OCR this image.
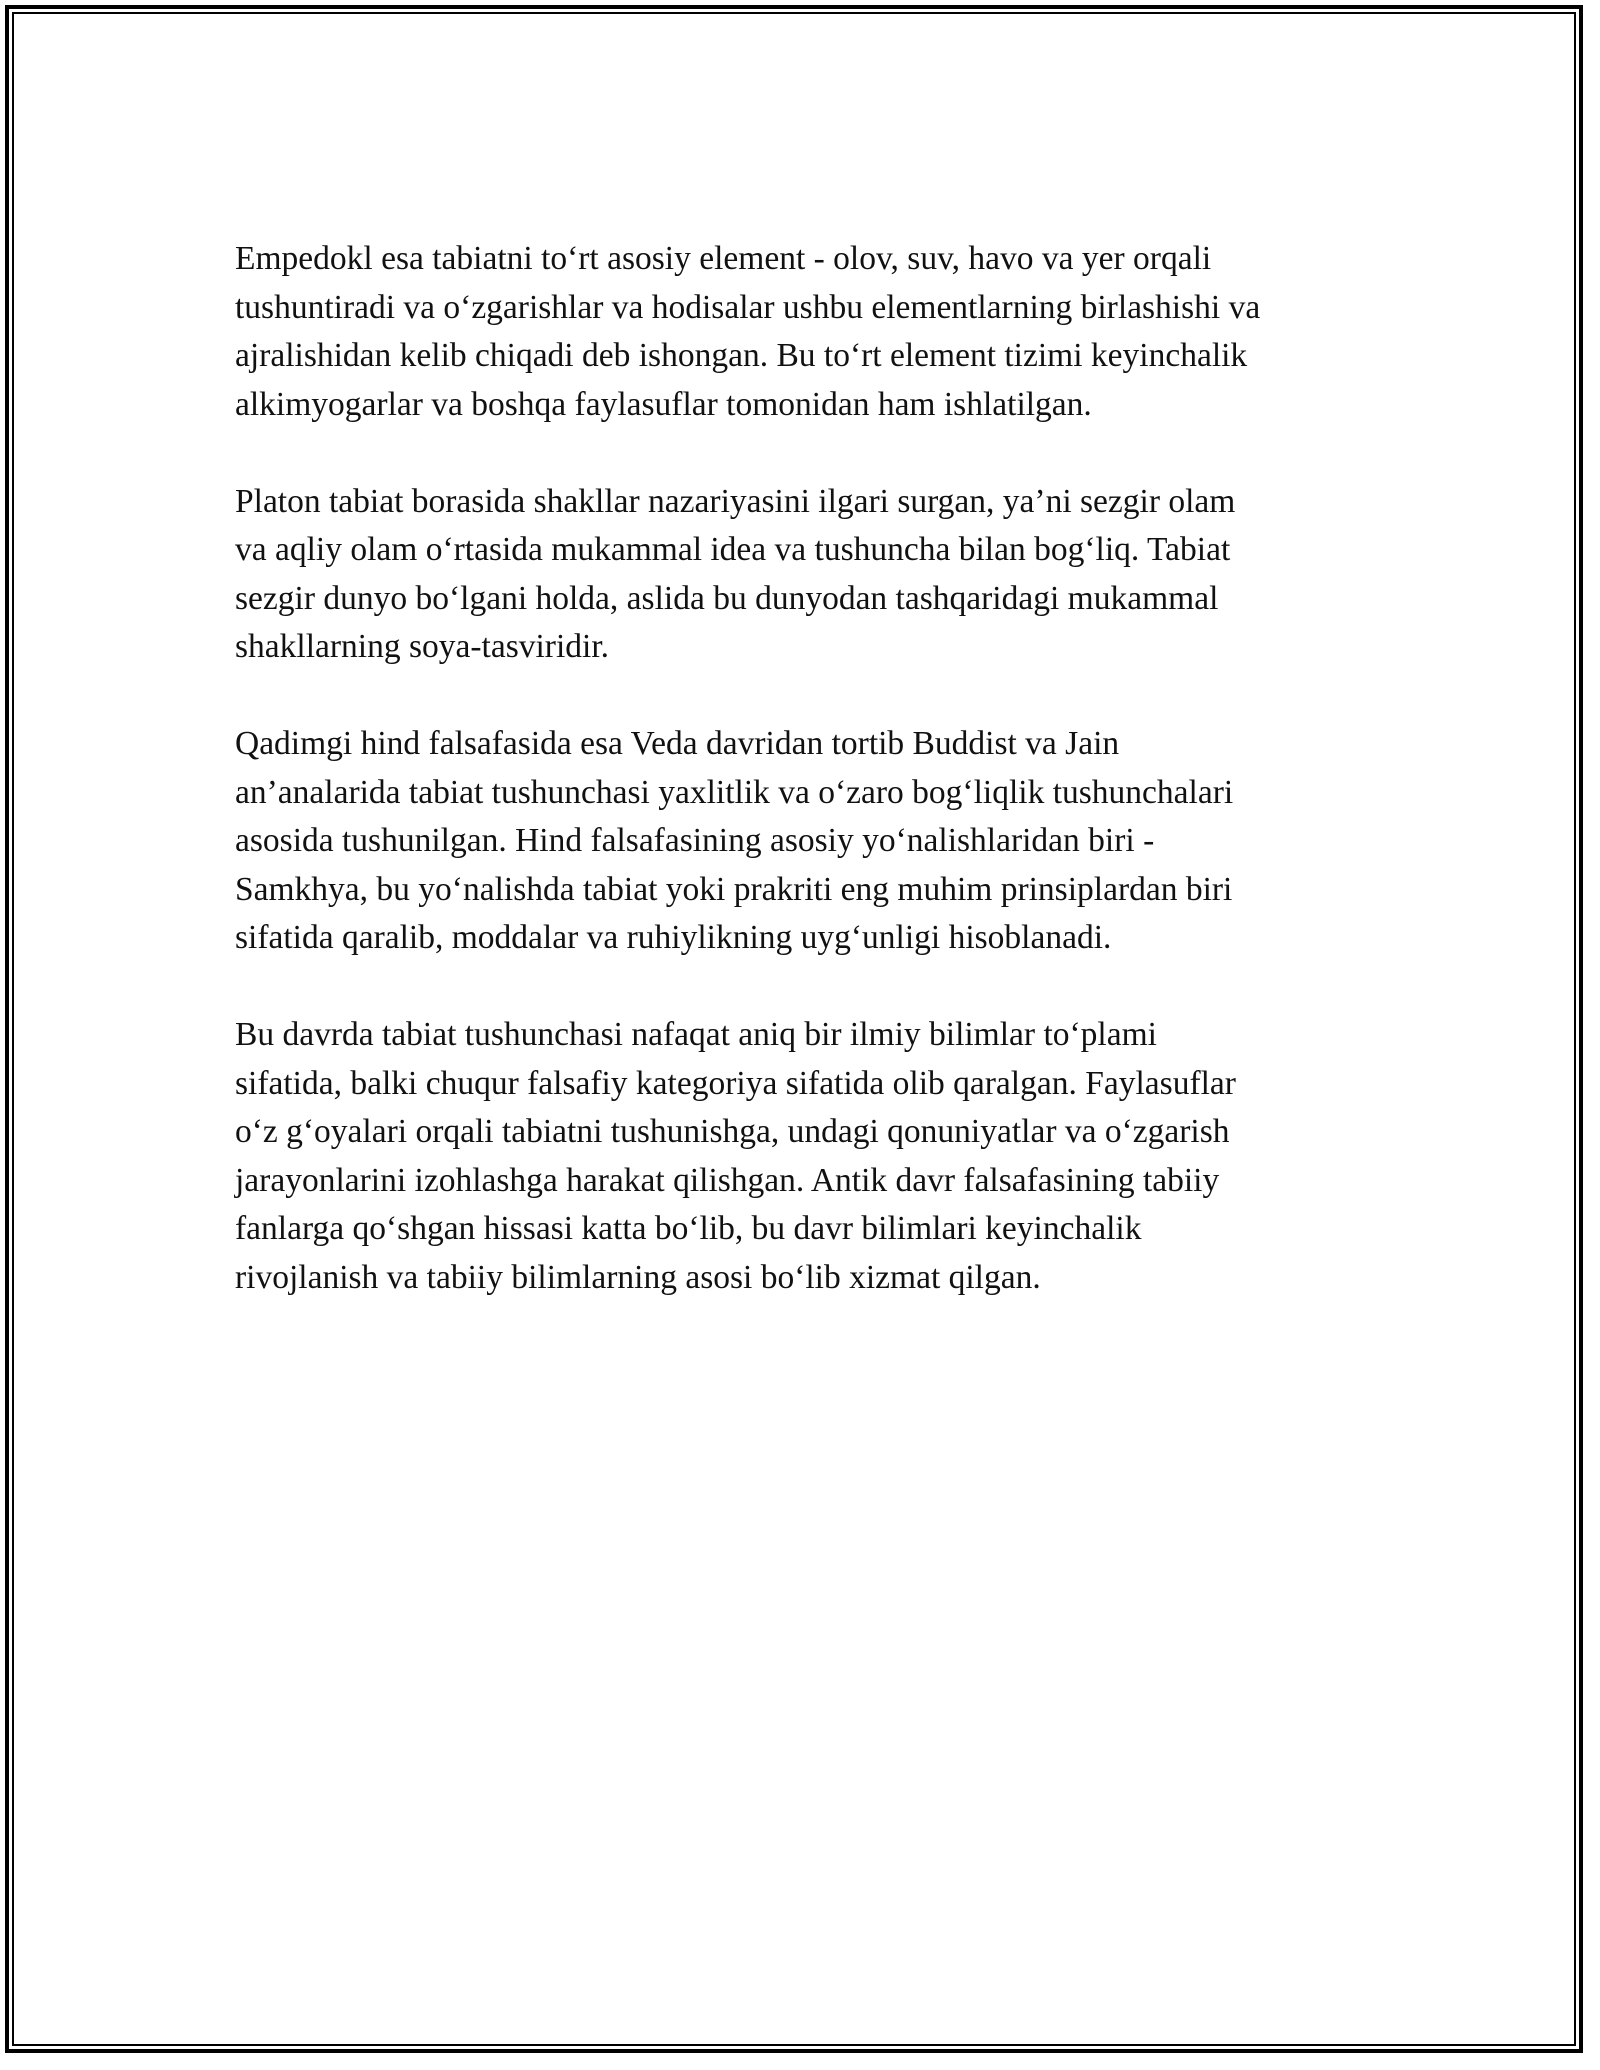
Empedokl esa tabiatni to‘rt asosiy element - olov, suv, havo va yer orqali
tushuntiradi va o‘zgarishlar va hodisalar ushbu elementlarning birlashishi va
ajralishidan kelib chiqadi deb ishongan. Bu to‘rt element tizimi keyinchalik
alkimyogarlar va boshqa faylasuflar tomonidan ham ishlatilgan.

Platon tabiat borasida shakllar nazariyasini ilgari surgan, ya’ni sezgir olam
va aqliy olam o‘rtasida mukammal idea va tushuncha bilan bog‘liq. Tabiat
sezgir dunyo bo‘lgani holda, aslida bu dunyodan tashqaridagi mukammal
shakllarning soya-tasviridir.

Qadimgi hind falsafasida esa Veda davridan tortib Buddist va Jain
an’analarida tabiat tushunchasi yaxlitlik va o‘zaro bog‘liqlik tushunchalari
asosida tushunilgan. Hind falsafasining asosiy yo‘nalishlaridan biri -
Samkhya, bu yo‘nalishda tabiat yoki prakriti eng muhim prinsiplardan biri
sifatida qaralib, moddalar va ruhiylikning uyg‘unligi hisoblanadi.

Bu davrda tabiat tushunchasi nafaqat aniq bir ilmiy bilimlar to‘plami
sifatida, balki chuqur falsafiy kategoriya sifatida olib qaralgan. Faylasuflar
o‘z g‘oyalari orqali tabiatni tushunishga, undagi qonuniyatlar va o‘zgarish
jarayonlarini izohlashga harakat qilishgan. Antik davr falsafasining tabiiy
fanlarga qo‘shgan hissasi katta bo‘lib, bu davr bilimlari keyinchalik
rivojlanish va tabiiy bilimlarning asosi bo‘lib xizmat qilgan.
